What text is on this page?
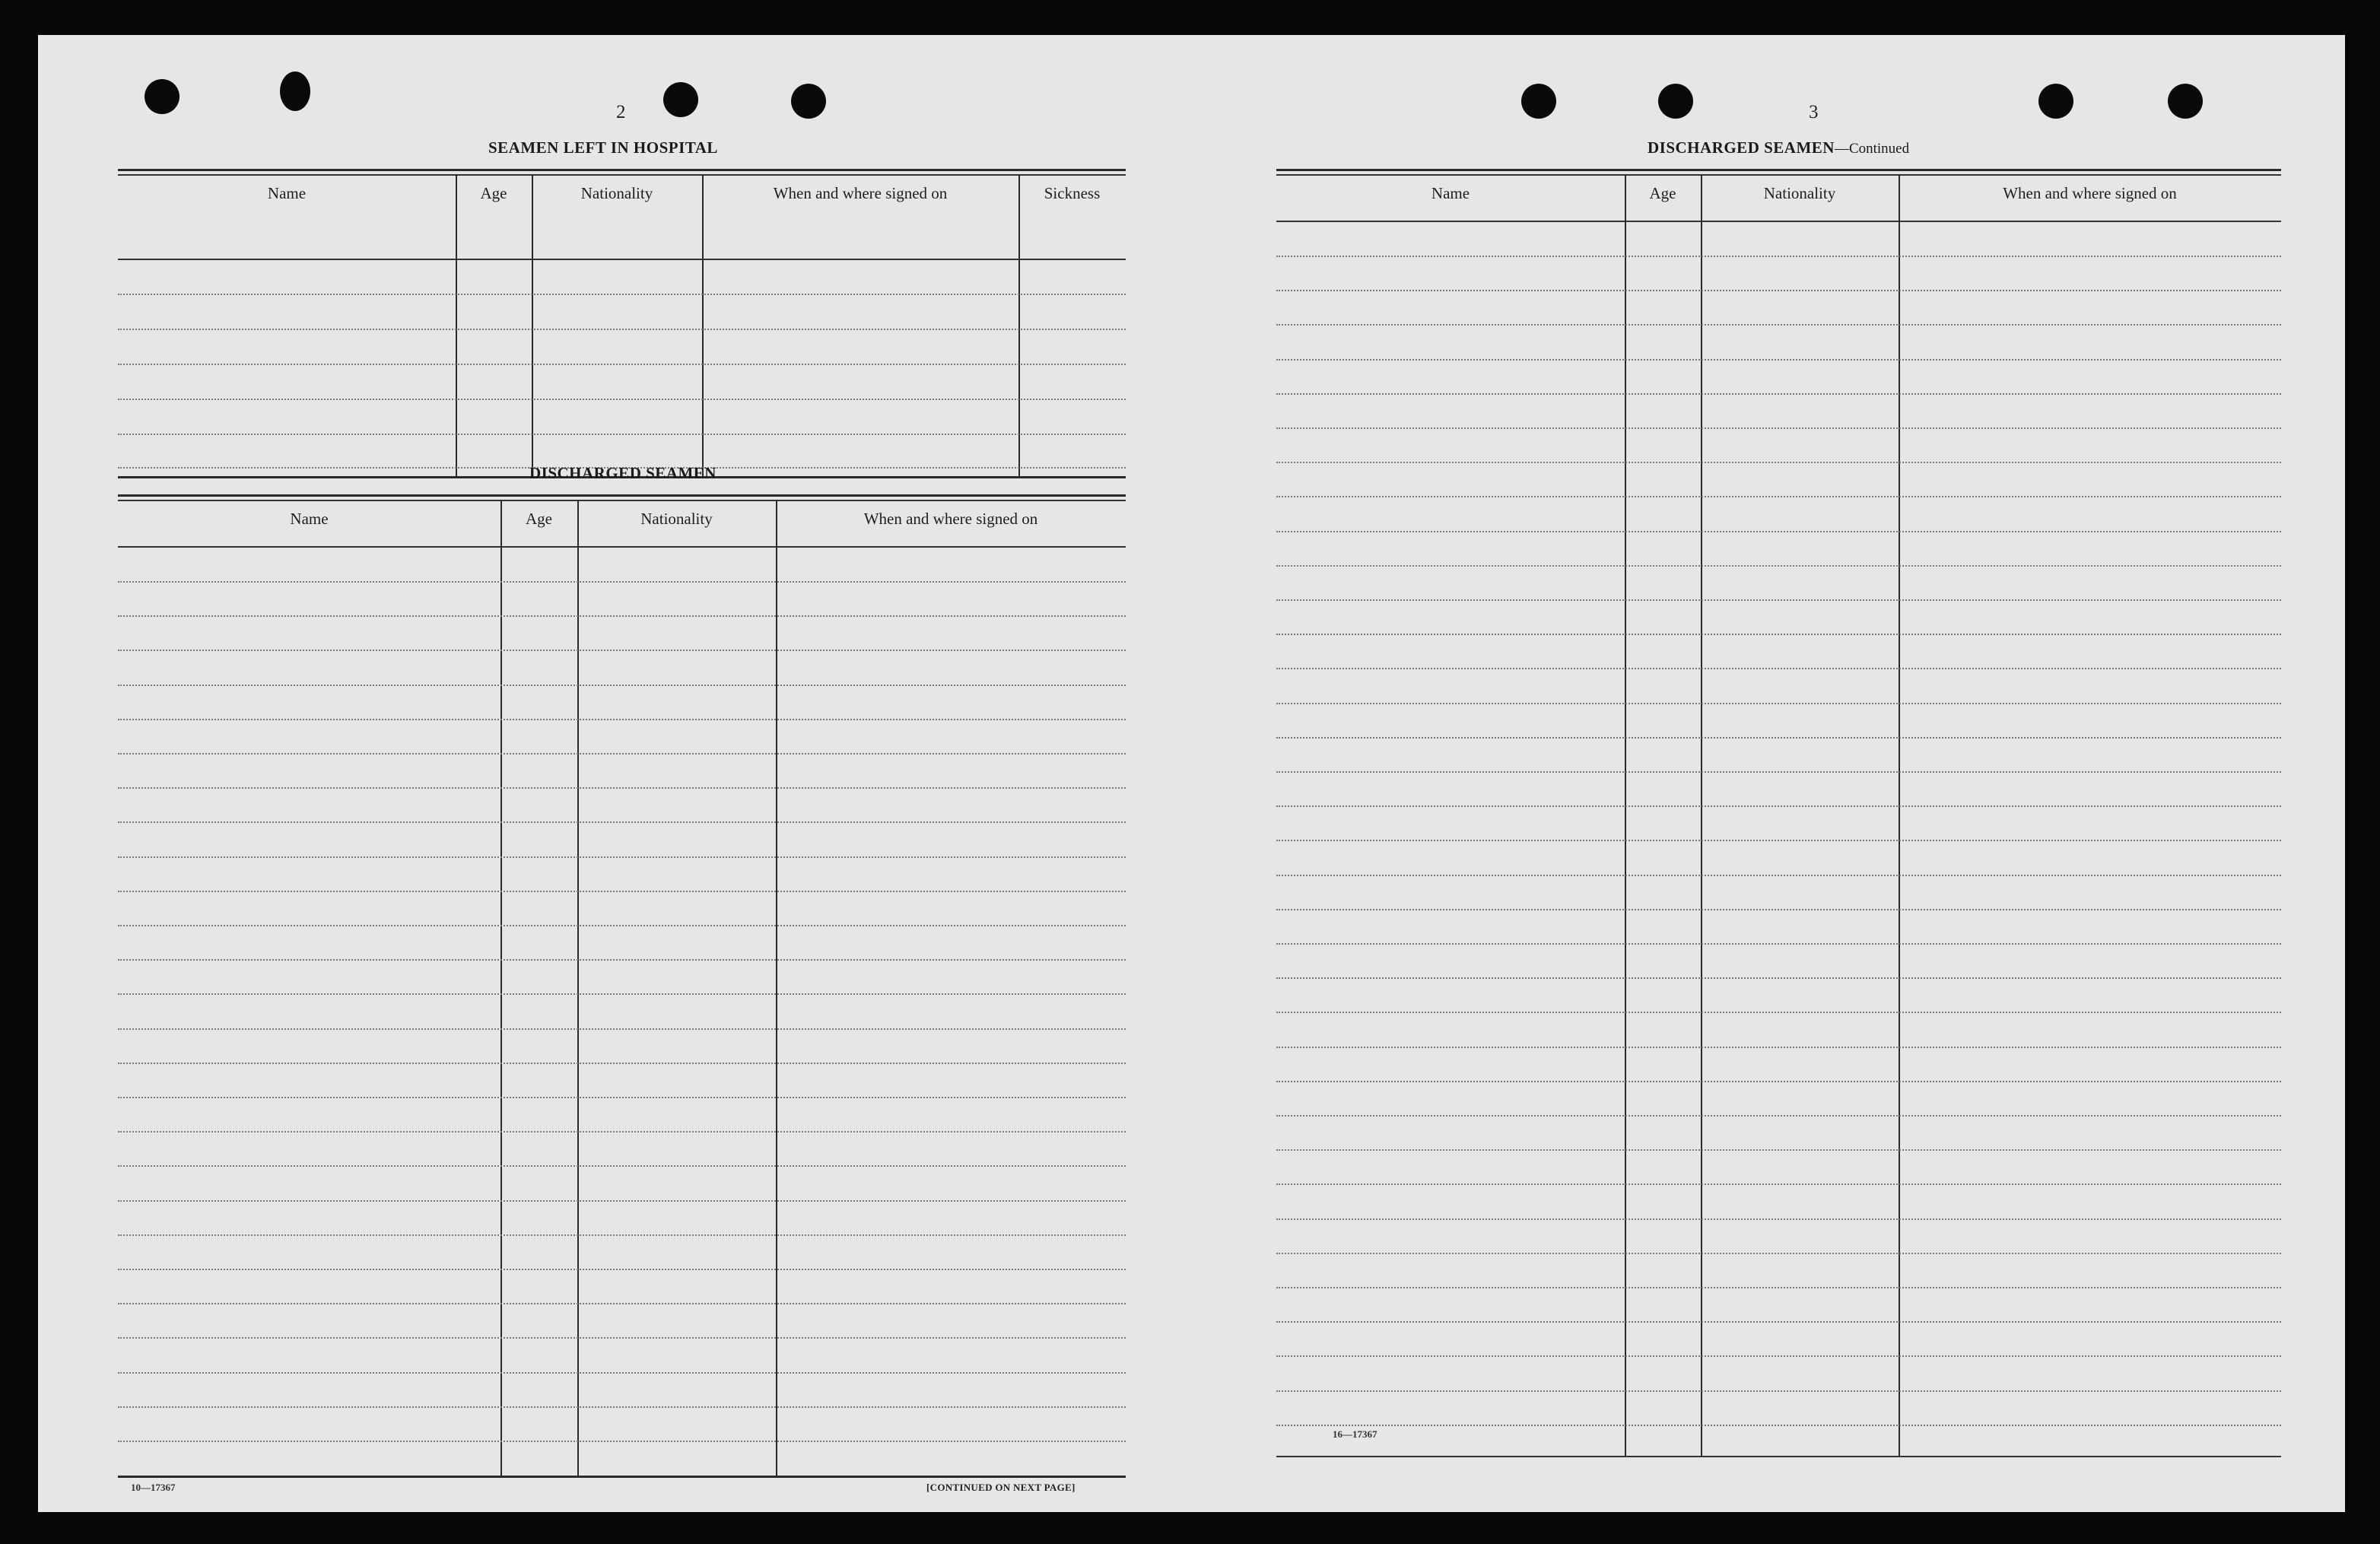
2
SEAMEN LEFT IN HOSPITAL
Name	Age	Nationality	When and where signed on	Sickness
DISCHARGED SEAMEN
Name	Age	Nationality	When and where signed on
10—17367	[CONTINUED ON NEXT PAGE]
3
DISCHARGED SEAMEN—Continued
Name	Age	Nationality	When and where signed on
16—17367
